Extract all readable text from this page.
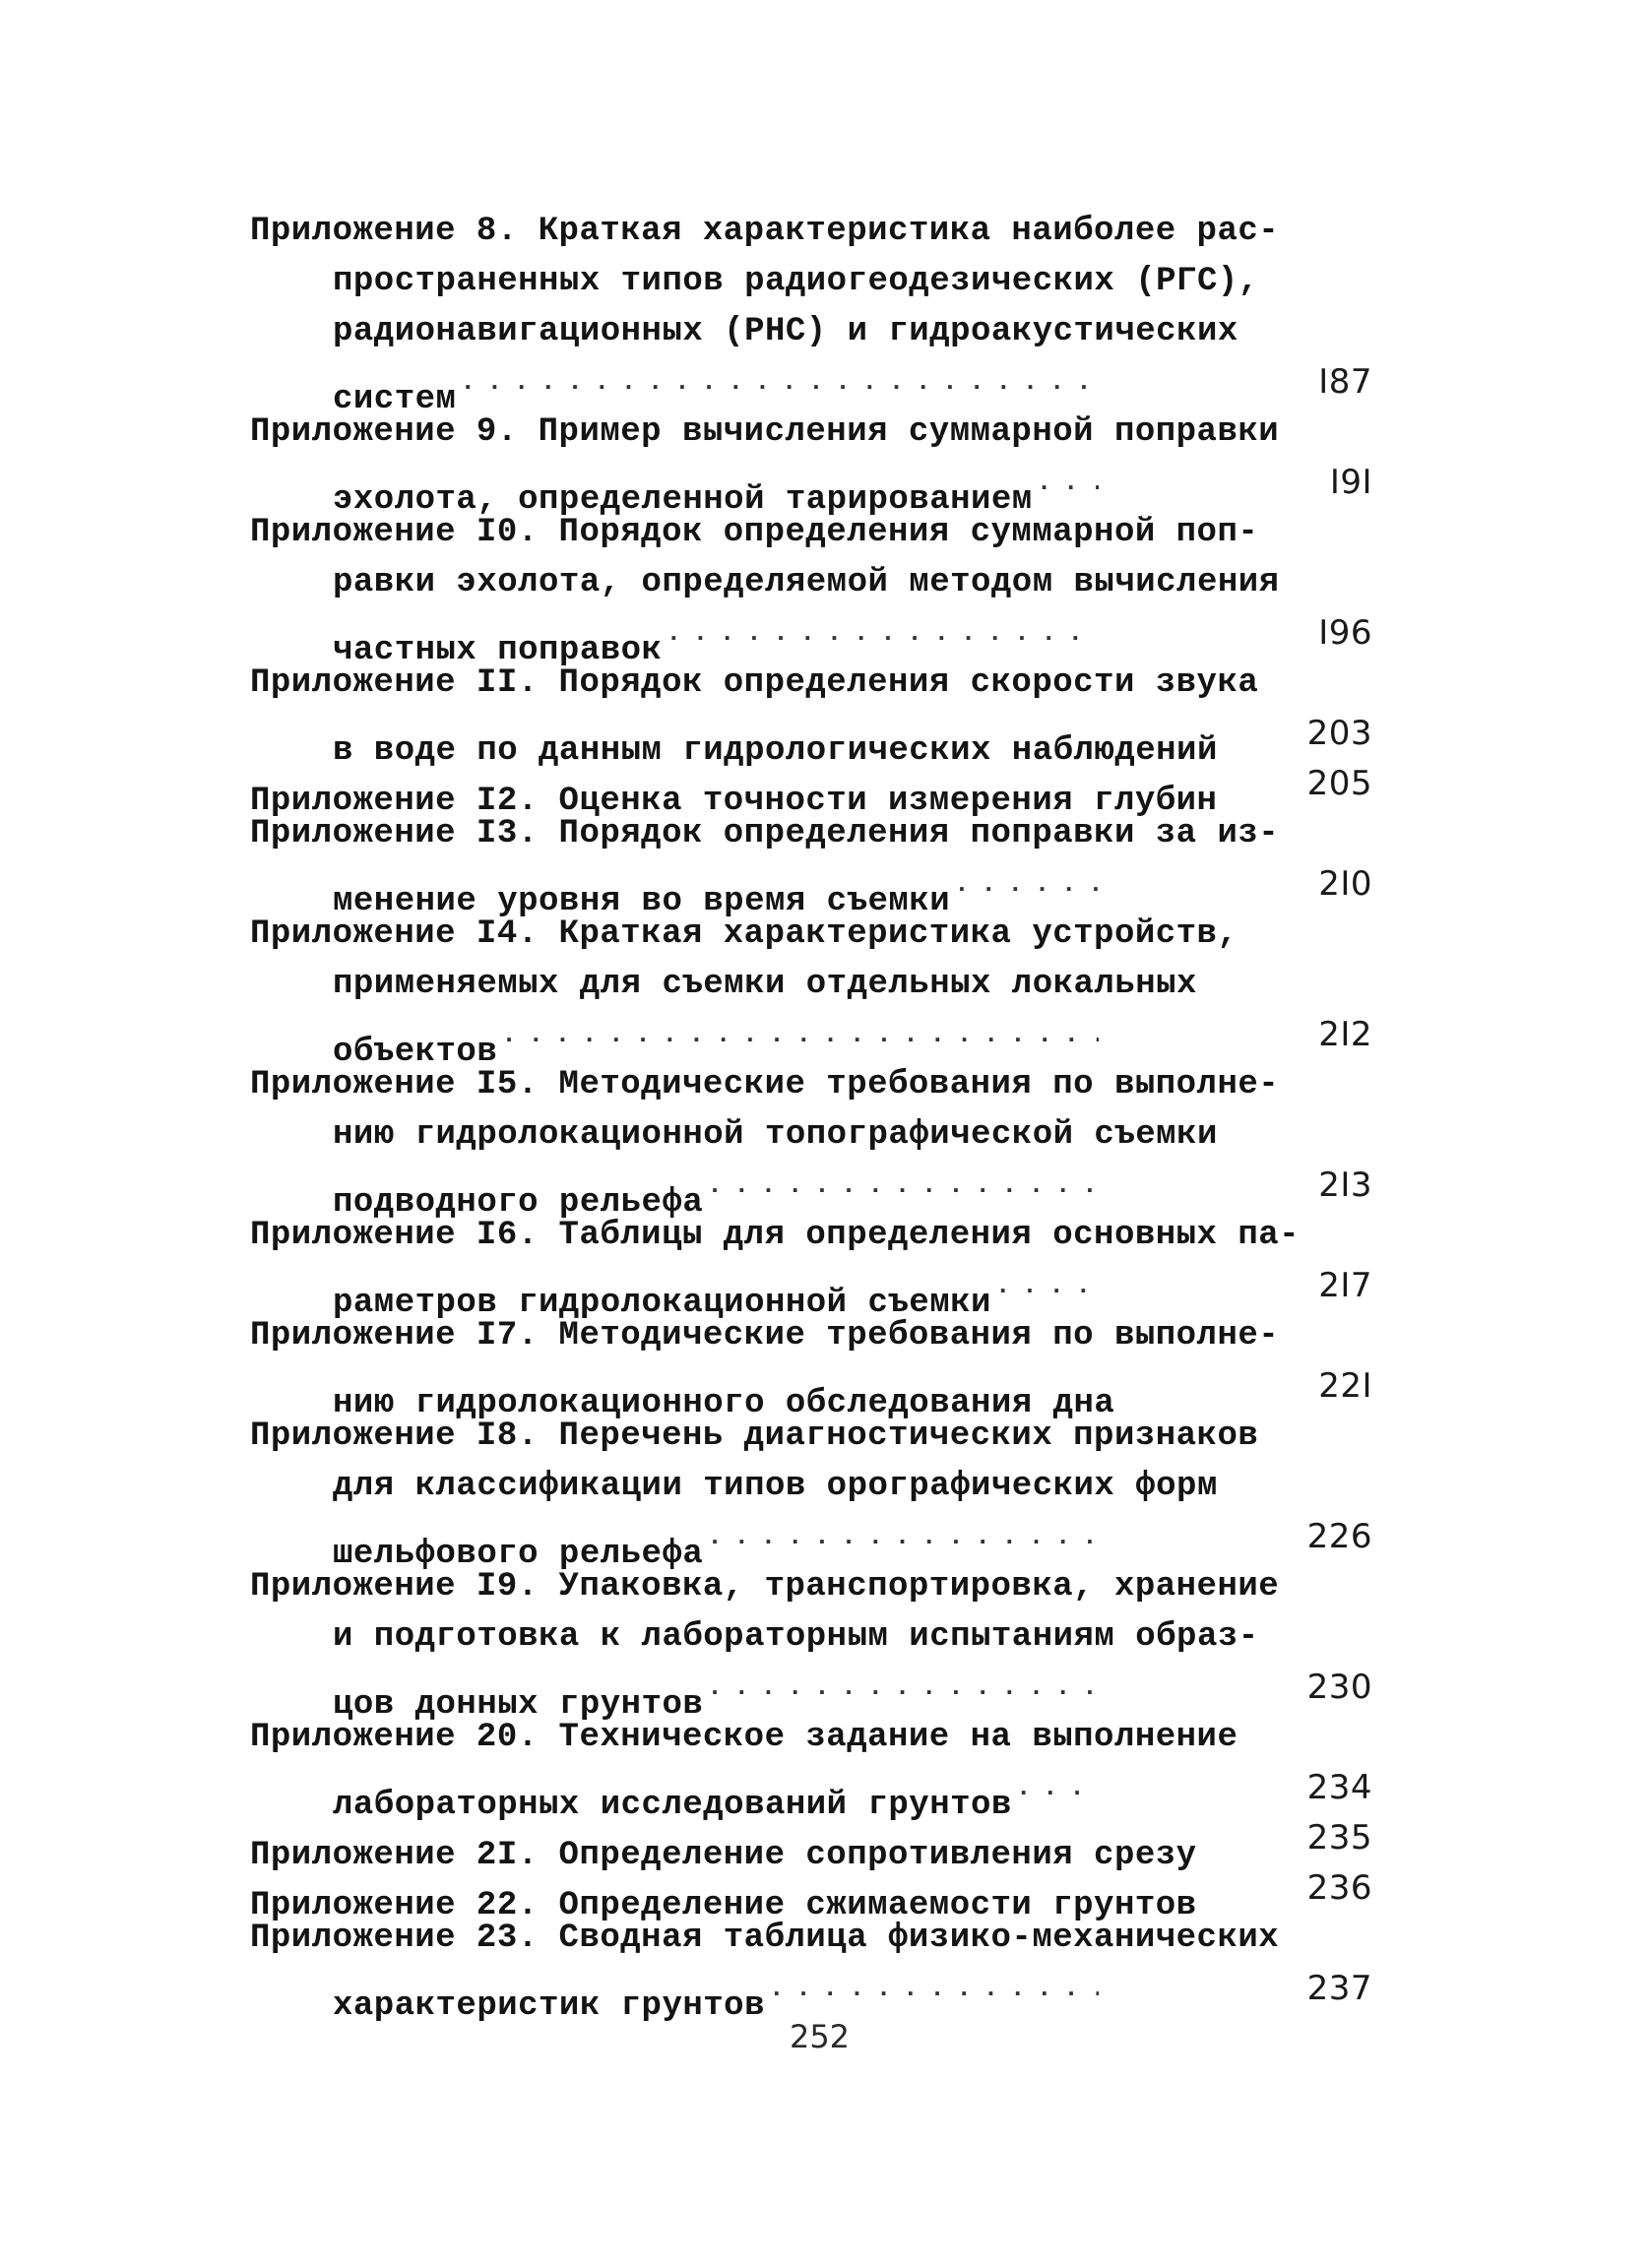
Приложение 8. Краткая характеристика наиболее рас-
пространенных типов радиогеодезических (РГС),
радионавигационных (РНС) и гидроакустических
систем . . .	I87
Приложение 9. Пример вычисления суммарной поправки
эхолота, определенной тарированием . . .	I9I
Приложение I0. Порядок определения суммарной поп-
равки эхолота, определяемой методом вычисления
частных поправок . . .	I96
Приложение II. Порядок определения скорости звука
в воде по данным гидрологических наблюдений	203
Приложение I2. Оценка точности измерения глубин	205
Приложение I3. Порядок определения поправки за из-
менение уровня во время съемки . . .	2I0
Приложение I4. Краткая характеристика устройств,
применяемых для съемки отдельных локальных
объектов . . .	2I2
Приложение I5. Методические требования по выполне-
нию гидролокационной топографической съемки
подводного рельефа . . .	2I3
Приложение I6. Таблицы для определения основных па-
раметров гидролокационной съемки . . .	2I7
Приложение I7. Методические требования по выполне-
нию гидролокационного обследования дна	22I
Приложение I8. Перечень диагностических признаков
для классификации типов орографических форм
шельфового рельефа . . .	226
Приложение I9. Упаковка, транспортировка, хранение
и подготовка к лабораторным испытаниям образ-
цов донных грунтов . . .	230
Приложение 20. Техническое задание на выполнение
лабораторных исследований грунтов . . .	234
Приложение 2I. Определение сопротивления срезу	235
Приложение 22. Определение сжимаемости грунтов	236
Приложение 23. Сводная таблица физико-механических
характеристик грунтов . . .	237
252
